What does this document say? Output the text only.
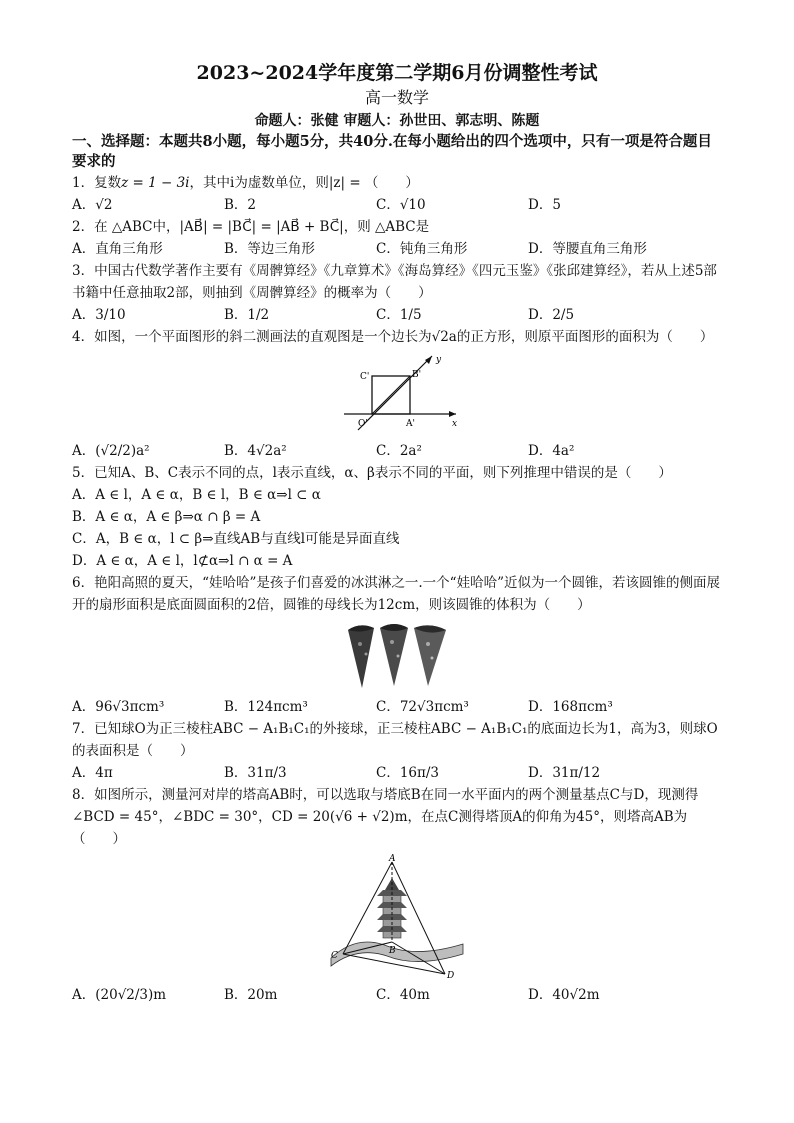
2023~2024学年度第二学期6月份调整性考试
高一数学
命题人：张健 审题人：孙世田、郭志明、陈题
一、选择题：本题共8小题，每小题5分，共40分.在每小题给出的四个选项中，只有一项是符合题目要求的
1．复数z = 1 − 3i，其中i为虚数单位，则|z| = （　　）
A．√2	B．2	C．√10	D．5
2．在 △ABC中，|AB⃗| = |BC⃗| = |AB⃗ + BC⃗|，则 △ABC是
A．直角三角形	B．等边三角形	C．钝角三角形	D．等腰直角三角形
3．中国古代数学著作主要有《周髀算经》《九章算术》《海岛算经》《四元玉鉴》《张邱建算经》，若从上述5部书籍中任意抽取2部，则抽到《周髀算经》的概率为（　　）
A．3/10	B．1/2	C．1/5	D．2/5
4．如图，一个平面图形的斜二测画法的直观图是一个边长为√2a的正方形，则原平面图形的面积为（　　）
C'	B'
O'	A'	x
y
A．(√2/2)a²	B．4√2a²	C．2a²	D．4a²
5．已知A、B、C表示不同的点，l表示直线，α、β表示不同的平面，则下列推理中错误的是（　　）
A．A ∈ l，A ∈ α，B ∈ l，B ∈ α⇒l ⊂ α
B．A ∈ α，A ∈ β⇒α ∩ β = A
C．A，B ∈ α，l ⊂ β⇒直线AB与直线l可能是异面直线
D．A ∈ α，A ∈ l，l⊄α⇒l ∩ α = A
6．艳阳高照的夏天，“娃哈哈”是孩子们喜爱的冰淇淋之一.一个“娃哈哈”近似为一个圆锥，若该圆锥的侧面展开的扇形面积是底面圆面积的2倍，圆锥的母线长为12cm，则该圆锥的体积为（　　）
A．96√3πcm³	B．124πcm³	C．72√3πcm³	D．168πcm³
7．已知球O为正三棱柱ABC − A₁B₁C₁的外接球，正三棱柱ABC − A₁B₁C₁的底面边长为1，高为3，则球O的表面积是（　　）
A．4π	B．31π/3	C．16π/3	D．31π/12
8．如图所示，测量河对岸的塔高AB时，可以选取与塔底B在同一水平面内的两个测量基点C与D，现测得∠BCD = 45°，∠BDC = 30°，CD = 20(√6 + √2)m，在点C测得塔顶A的仰角为45°，则塔高AB为（　　）
A
B
C
D
A．(20√2/3)m	B．20m	C．40m	D．40√2m
